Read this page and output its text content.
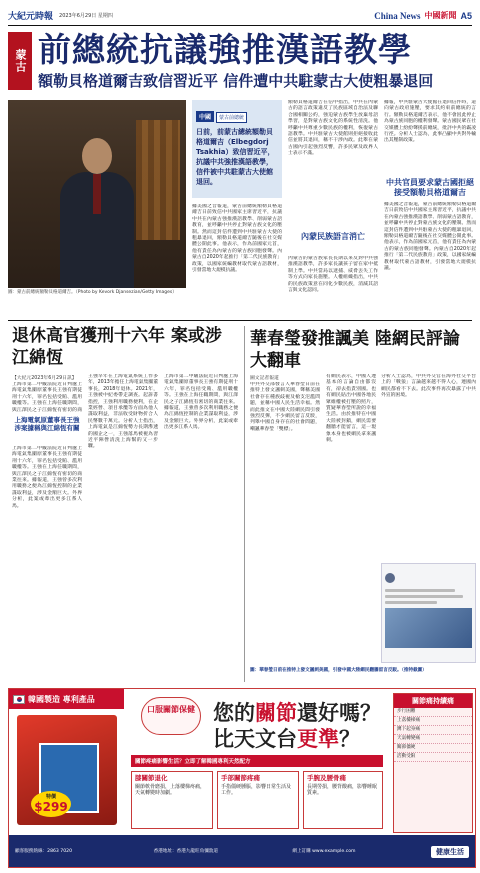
大紀元時報 2023年6月29日 星期四	China News 中國新聞 A5
蒙古 前總統抗議強推漢語教學
額勒貝格道爾吉致信習近平 信件遭中共駐蒙古大使粗暴退回
圖：蒙古前總統額勒貝格道爾吉。（Photo by Kevork Djansezian/Getty Images）
中國 蒙古前總統
日前，前蒙古總統額勒貝格道爾吉（Elbegdorj Tsakhia）致信習近平，抗議中共強推漢語教學，信件被中共駐蒙古大使館退回。
據美國之音報道，蒙古前總統額勒貝格道爾吉日前致信中共國家主席習近平，抗議中共在內蒙古強推漢語教學、削弱蒙古語教育，並呼籲中共停止對蒙古族文化的壓制。然而這封信件遭到中共駐蒙古大使的粗暴退回，額勒貝格道爾吉隨後在社交媒體公開此事。他表示，作為前國家元首，他有責任為內蒙古的蒙古族同胞發聲。內蒙古自2020年起推行「第二代民族教育」政策，以國家統編教材取代蒙古語教材，引發當地大規模抗議。
額勒貝格道爾吉在信中指出，中共在內蒙古的語言政策違反了民族區域自治法及聯合國相關公約，強迫蒙古族學生放棄母語學習，是對蒙古族文化的系統性清洗。他呼籲中共尊重少數民族的權利，恢復蒙古語教學。中共駐蒙古大使館則拒絕接收此信並將其退回，稱不干涉內政。此舉在蒙古國內引起強烈反響，許多民眾及政界人士表示不滿。
內蒙民族語言消亡
內蒙古的蒙古族家長長期以來反對中共強推漢語教學，許多家長讓孩子留在家中抵制上學。中共當局以逮捕、威脅丟失工作等方式向家長施壓。人權組織指出，中共的民族政策意在同化少數民族，消滅其語言與文化認同。
中共官員要求蒙古國拒絕接受額勒貝格道爾吉
據報，中共駐蒙古大使館在退回信件時，還向蒙古政府施壓，要求其約束前總統的言行。額勒貝格道爾吉表示，他不會因此停止為蒙古族同胞的權利發聲。蒙古國民眾在社交媒體上紛紛聲援前總統，批評中共的霸凌行徑。分析人士認為，此事凸顯中共對外輸出其壓制政策。
據美國之音報道，蒙古前總統額勒貝格道爾吉日前致信中共國家主席習近平，抗議中共在內蒙古強推漢語教學、削弱蒙古語教育，並呼籲中共停止對蒙古族文化的壓制。然而這封信件遭到中共駐蒙古大使的粗暴退回，額勒貝格道爾吉隨後在社交媒體公開此事。他表示，作為前國家元首，他有責任為內蒙古的蒙古族同胞發聲。內蒙古自2020年起推行「第二代民族教育」政策，以國家統編教材取代蒙古語教材，引發當地大規模抗議。
退休高官獲刑十六年 案或涉江綿恆
【大紀元2023年6月29日訊】
上海市第二中級法院近日判處上海電氣集團原董事長王強有期徒刑十六年，罪名包括受賄、濫用職權等。王強在上海任職期間，與江澤民之子江綿恆有密切的商
上海電氣原董事長王強涉案據稱與江綿恆有關
上海市第二中級法院近日判處上海電氣集團原董事長王強有期徒刑十六年，罪名包括受賄、濫用職權等。王強在上海任職期間，與江澤民之子江綿恆有密切的商業往來。據報道，王強曾多次利用職務之便為江綿恆控制的企業謀取利益，涉及金額巨大。外界分析，此案或牽出更多江系人馬。
王強早年在上海電氣系統工作多年，2013年擔任上海電氣集團董事長，2018年退休。2021年，王強被中紀委帶走調查。起訴書指控，王強利用職務便利，在企業經營、項目承攬等方面為他人謀取利益，非法收受財物折合人民幣數千萬元。分析人士指出，上海電氣是江綿恆勢力長期滲透的國企之一，王強落馬被視為習近平陣營清洗上海幫的又一步驟。
上海市第二中級法院近日判處上海電氣集團原董事長王強有期徒刑十六年，罪名包括受賄、濫用職權等。王強在上海任職期間，與江澤民之子江綿恆有密切的商業往來。據報道，王強曾多次利用職務之便為江綿恆控制的企業謀取利益，涉及金額巨大。外界分析，此案或牽出更多江系人馬。
華春瑩發推諷美 陸網民評論大翻車
圖文記者報道
中共外交部發言人華春瑩日前在推特上發文諷刺美國，聲稱美國社會存在種族歧視及槍支氾濫問題，並稱中國人民生活幸福。然而此推文在中國大陸網民間引發強烈反彈，不少網民留言反駁，列舉中國自身存在的社會問題，嘲諷華春瑩「雙標」。
有網民表示，中國人連基本的言論自由都沒有，卻去指責別國。也有網民貼出中國各地民眾維權被打壓的照片，質疑華春瑩所說的幸福生活。由於推特在中國大陸被封鎖，網民需要翻牆才能留言，這一現象本身也被網民拿來諷刺。
分析人士認為，中共外交官在海外社交平台上的「戰狼」言論越來越不得人心，連國內網民都看不下去。此次事件再次暴露了中共外宣的困境。
圖：華春瑩日前在推特上發文諷刺美國，引發中國大陸網民翻牆留言反駁。（推特截圖）
韓國製造 專利產品
特價
$299
口服關節保健 您的關節還好嗎？
比天文台更準？
關節疼痛影響生活？立即了解韓國專利天然配方
膝關節退化
關節軟骨磨損，上落樓梯疼痛，天氣轉變時加劇。
手部關節疼痛
手指僵硬腫脹，影響日常生活及工作。
手腕及腰骨痛
長期勞損，腰背酸痛，影響睡眠質素。
關節痛持續痛
步行困難
上落樓梯痛
蹲下起身痛
天氣轉變痛
關節僵硬
活動受限
顧客服務熱線：2863 7020	香港地址：香港九龍旺角彌敦道	網上訂購 www.example.com	健康生活
